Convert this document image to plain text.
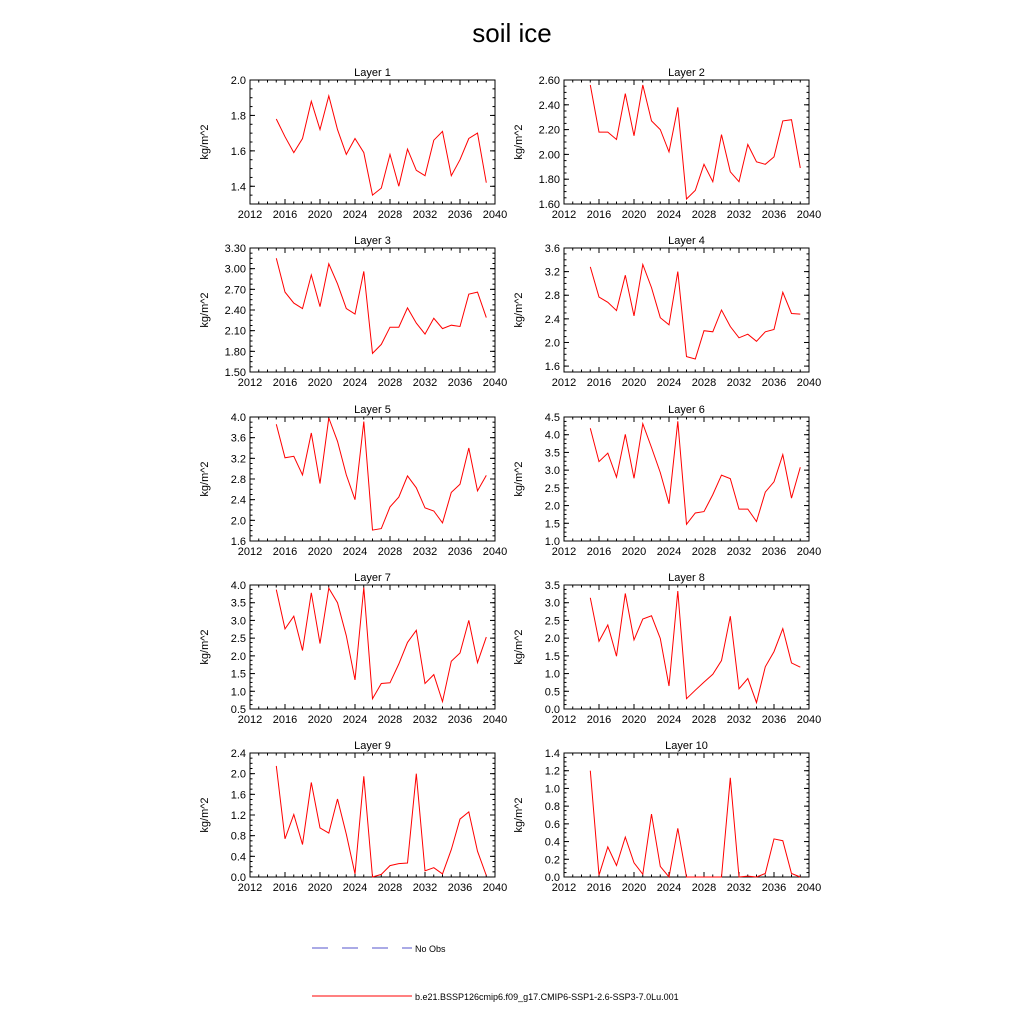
soil ice
Layer 1
kg/m^2
2012 2016 2020 2024 2028 2032 2036 2040
1.4
1.6
1.8
2.0
Layer 2
kg/m^2
2012 2016 2020 2024 2028 2032 2036 2040
1.60
1.80
2.00
2.20
2.40
2.60
Layer 3
kg/m^2
2012 2016 2020 2024 2028 2032 2036 2040
1.50
1.80
2.10
2.40
2.70
3.00
3.30
Layer 4
kg/m^2
2012 2016 2020 2024 2028 2032 2036 2040
1.6
2.0
2.4
2.8
3.2
3.6
Layer 5
kg/m^2
2012 2016 2020 2024 2028 2032 2036 2040
1.6
2.0
2.4
2.8
3.2
3.6
4.0
Layer 6
kg/m^2
2012 2016 2020 2024 2028 2032 2036 2040
1.0
1.5
2.0
2.5
3.0
3.5
4.0
4.5
Layer 7
kg/m^2
2012 2016 2020 2024 2028 2032 2036 2040
0.5
1.0
1.5
2.0
2.5
3.0
3.5
4.0
Layer 8
kg/m^2
2012 2016 2020 2024 2028 2032 2036 2040
0.0
0.5
1.0
1.5
2.0
2.5
3.0
3.5
Layer 9
kg/m^2
2012 2016 2020 2024 2028 2032 2036 2040
0.0
0.4
0.8
1.2
1.6
2.0
2.4
Layer 10
kg/m^2
2012 2016 2020 2024 2028 2032 2036 2040
0.0
0.2
0.4
0.6
0.8
1.0
1.2
1.4
No Obs
b.e21.BSSP126cmip6.f09_g17.CMIP6-SSP1-2.6-SSP3-7.0Lu.001
